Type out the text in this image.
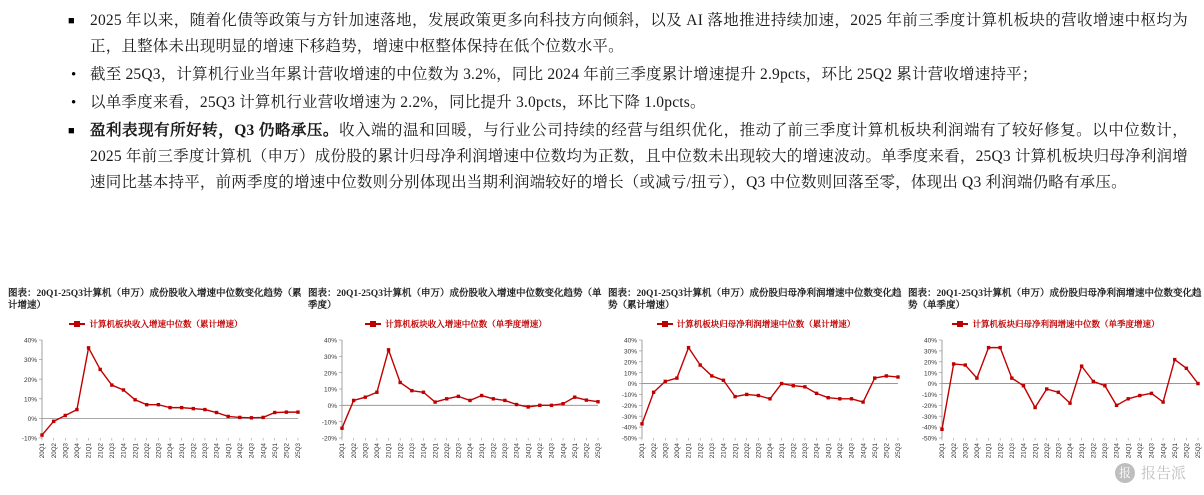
■ 2025 年以来，随着化债等政策与方针加速落地，发展政策更多向科技方向倾斜，以及 AI 落地推进持续加速，2025 年前三季度计算机板块的营收增速中枢均为正，且整体未出现明显的增速下移趋势，增速中枢整体保持在低个位数水平。
• 截至 25Q3，计算机行业当年累计营收增速的中位数为 3.2%，同比 2024 年前三季度累计增速提升 2.9pcts，环比 25Q2 累计营收增速持平；
• 以单季度来看，25Q3 计算机行业营收增速为 2.2%，同比提升 3.0pcts，环比下降 1.0pcts。
■ 盈利表现有所好转，Q3 仍略承压。收入端的温和回暖，与行业公司持续的经营与组织优化，推动了前三季度计算机板块利润端有了较好修复。以中位数计，2025 年前三季度计算机（申万）成份股的累计归母净利润增速中位数均为正数，且中位数未出现较大的增速波动。单季度来看，25Q3 计算机板块归母净利润增速同比基本持平，前两季度的增速中位数则分别体现出当期利润端较好的增长（或减亏/扭亏），Q3 中位数则回落至零，体现出 Q3 利润端仍略有承压。
图表：20Q1-25Q3计算机（申万）成份股收入增速中位数变化趋势（累计增速）
计算机板块收入增速中位数（累计增速）
-10%
0%
10%
20%
30%
40%
20Q1 20Q2 20Q3 20Q4 21Q1 21Q2 21Q3 21Q4 22Q1 22Q2 22Q3 22Q4 23Q1 23Q2 23Q3 23Q4 24Q1 24Q2 24Q3 24Q4 25Q1 25Q2 25Q3
图表：20Q1-25Q3计算机（申万）成份股收入增速中位数变化趋势（单季度）
计算机板块收入增速中位数（单季度增速）
-20%
-10%
0%
10%
20%
30%
40%
20Q1 20Q2 20Q3 20Q4 21Q1 21Q2 21Q3 21Q4 22Q1 22Q2 22Q3 22Q4 23Q1 23Q2 23Q3 23Q4 24Q1 24Q2 24Q3 24Q4 25Q1 25Q2 25Q3
图表：20Q1-25Q3计算机（申万）成份股归母净利润增速中位数变化趋势（累计增速）
计算机板块归母净利润增速中位数（累计增速）
-50%
-40%
-30%
-20%
-10%
0%
10%
20%
30%
40%
20Q1 20Q2 20Q3 20Q4 21Q1 21Q2 21Q3 21Q4 22Q1 22Q2 22Q3 22Q4 23Q1 23Q2 23Q3 23Q4 24Q1 24Q2 24Q3 24Q4 25Q1 25Q2 25Q3
图表：20Q1-25Q3计算机（申万）成份股归母净利润增速中位数变化趋势（单季度）
计算机板块归母净利润增速中位数（单季度增速）
-50%
-40%
-30%
-20%
-10%
0%
10%
20%
30%
40%
20Q1 20Q2 20Q3 20Q4 21Q1 21Q2 21Q3 21Q4 22Q1 22Q2 22Q3 22Q4 23Q1 23Q2 23Q3 23Q4 24Q1 24Q2 24Q3 24Q4 25Q1 25Q2 25Q3
报 报告派
